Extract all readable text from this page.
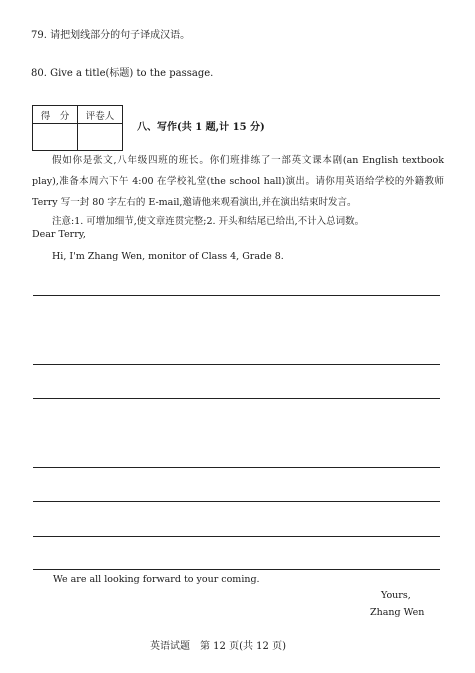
79. 请把划线部分的句子译成汉语。
80. Give a title(标题) to the passage.
得　分	评卷人

八、写作(共 1 题,计 15 分)
假如你是张文,八年级四班的班长。你们班排练了一部英文课本剧(an English textbook play),准备本周六下午 4:00 在学校礼堂(the school hall)演出。请你用英语给学校的外籍教师 Terry 写一封 80 字左右的 E-mail,邀请他来观看演出,并在演出结束时发言。
注意:1. 可增加细节,使文章连贯完整;2. 开头和结尾已给出,不计入总词数。
Dear Terry,
Hi, I'm Zhang Wen, monitor of Class 4, Grade 8.
We are all looking forward to your coming.
Yours,
Zhang Wen
英语试题　第 12 页(共 12 页)
